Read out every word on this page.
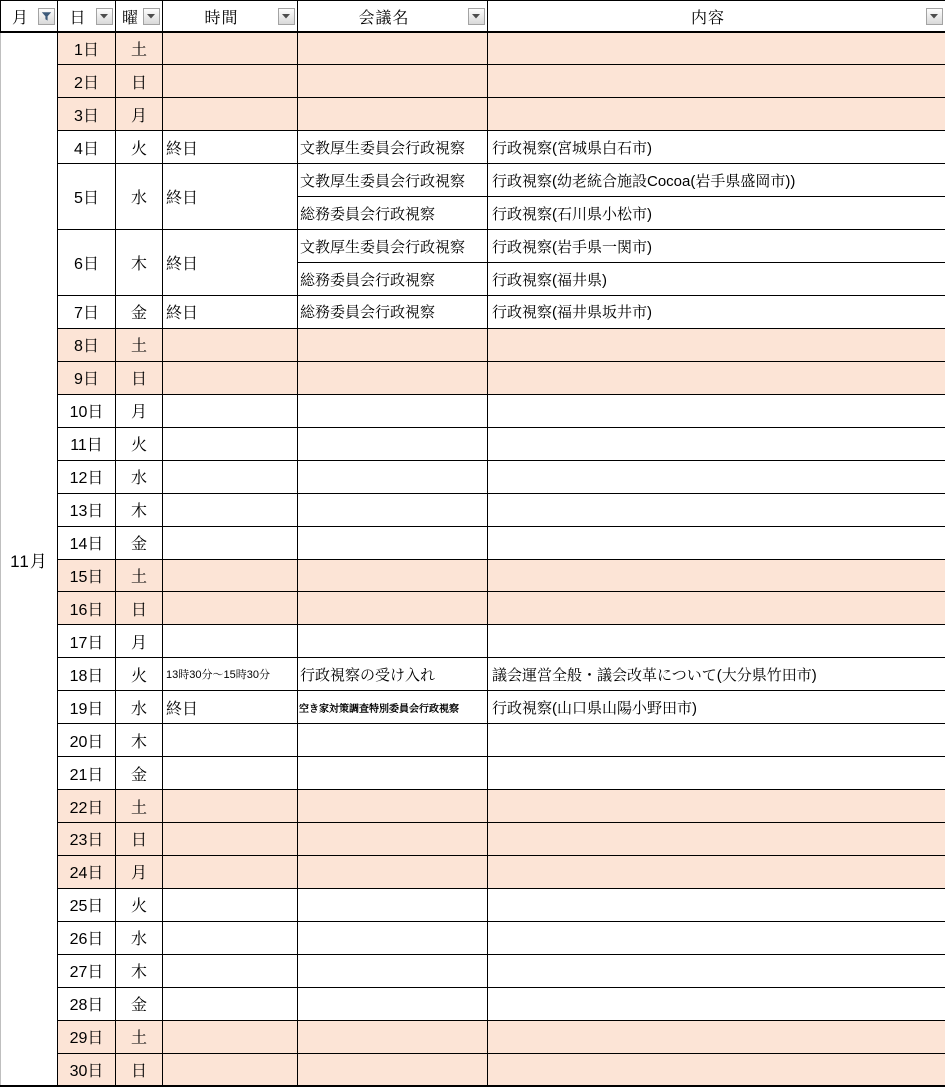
月	日	曜	時間	会議名	内容

11月	1日	土			
	2日	日			
	3日	月			
	4日	火	終日	文教厚生委員会行政視察	行政視察(宮城県白石市)
	5日	水	終日	文教厚生委員会行政視察	行政視察(幼老統合施設Cocoa(岩手県盛岡市))
				総務委員会行政視察	行政視察(石川県小松市)
	6日	木	終日	文教厚生委員会行政視察	行政視察(岩手県一関市)
				総務委員会行政視察	行政視察(福井県)
	7日	金	終日	総務委員会行政視察	行政視察(福井県坂井市)
	8日	土			
	9日	日			
	10日	月			
	11日	火			
	12日	水			
	13日	木			
	14日	金			
	15日	土			
	16日	日			
	17日	月			
	18日	火	13時30分〜15時30分	行政視察の受け入れ	議会運営全般・議会改革について(大分県竹田市)
	19日	水	終日	空き家対策調査特別委員会行政視察	行政視察(山口県山陽小野田市)
	20日	木			
	21日	金			
	22日	土			
	23日	日			
	24日	月			
	25日	火			
	26日	水			
	27日	木			
	28日	金			
	29日	土			
	30日	日			
